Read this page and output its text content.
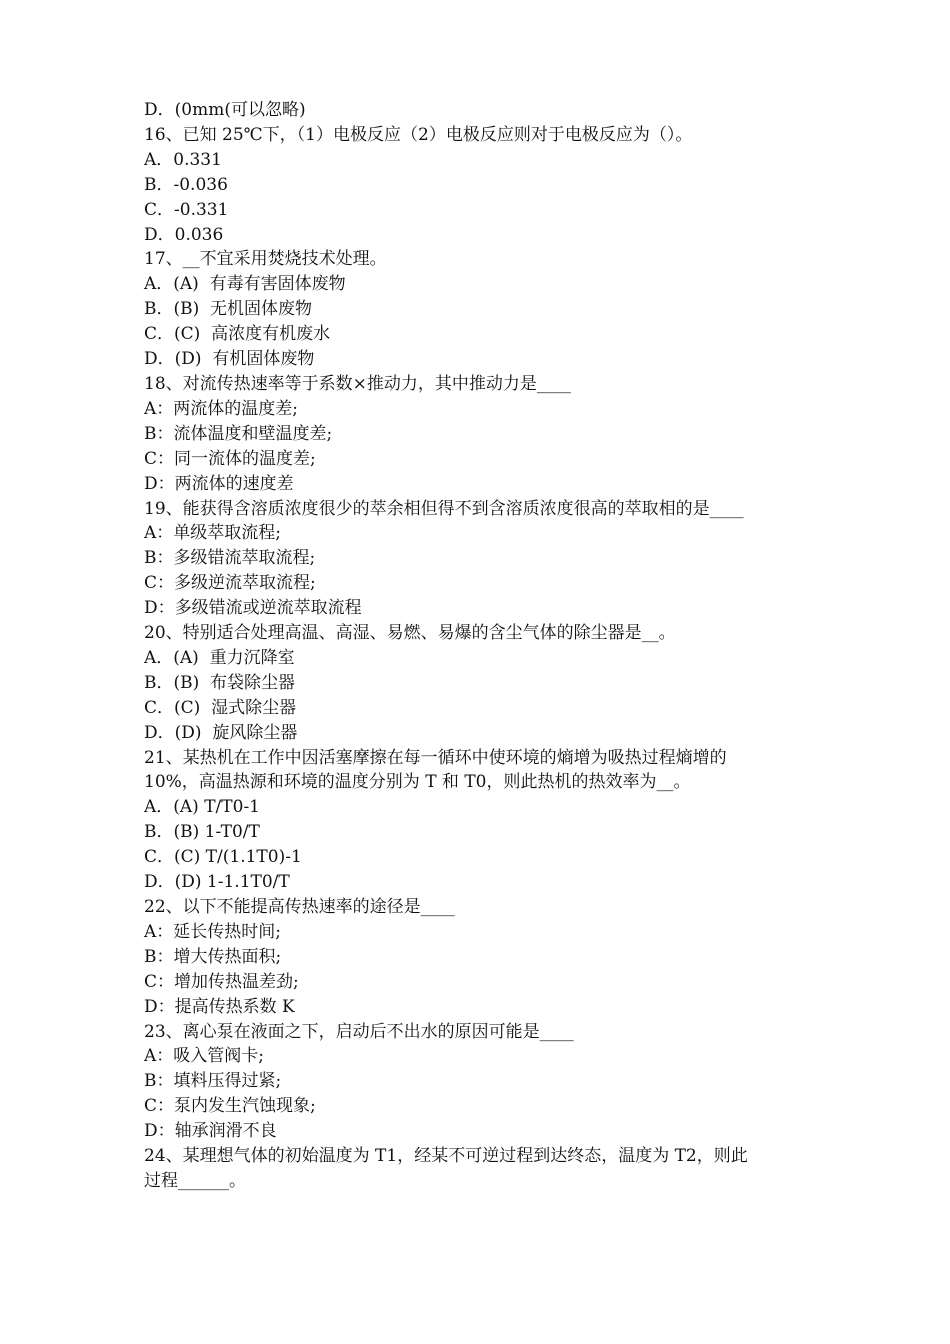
D．(0mm(可以忽略)

16、已知 25℃下，（1）电极反应（2）电极反应则对于电极反应为（）。

A．0.331

B．-0.036

C．-0.331

D．0.036

17、__不宜采用焚烧技术处理。

A．(A)  有毒有害固体废物

B．(B)  无机固体废物

C．(C)  高浓度有机废水

D．(D)  有机固体废物

18、对流传热速率等于系数×推动力，其中推动力是____

A：两流体的温度差;

B：流体温度和壁温度差;

C：同一流体的温度差;

D：两流体的速度差

19、能获得含溶质浓度很少的萃余相但得不到含溶质浓度很高的萃取相的是____

A：单级萃取流程;

B：多级错流萃取流程;

C：多级逆流萃取流程;

D：多级错流或逆流萃取流程

20、特别适合处理高温、高湿、易燃、易爆的含尘气体的除尘器是__。

A．(A)  重力沉降室

B．(B)  布袋除尘器

C．(C)  湿式除尘器

D．(D)  旋风除尘器

21、某热机在工作中因活塞摩擦在每一循环中使环境的熵增为吸热过程熵增的

10%，高温热源和环境的温度分别为 T 和 T0，则此热机的热效率为__。

A．(A) T/T0-1

B．(B) 1-T0/T

C．(C) T/(1.1T0)-1

D．(D) 1-1.1T0/T

22、以下不能提高传热速率的途径是____

A：延长传热时间;

B：增大传热面积;

C：增加传热温差劲;

D：提高传热系数 K

23、离心泵在液面之下，启动后不出水的原因可能是____

A：吸入管阀卡;

B：填料压得过紧;

C：泵内发生汽蚀现象;

D：轴承润滑不良

24、某理想气体的初始温度为 T1，经某不可逆过程到达终态，温度为 T2，则此

过程______。
